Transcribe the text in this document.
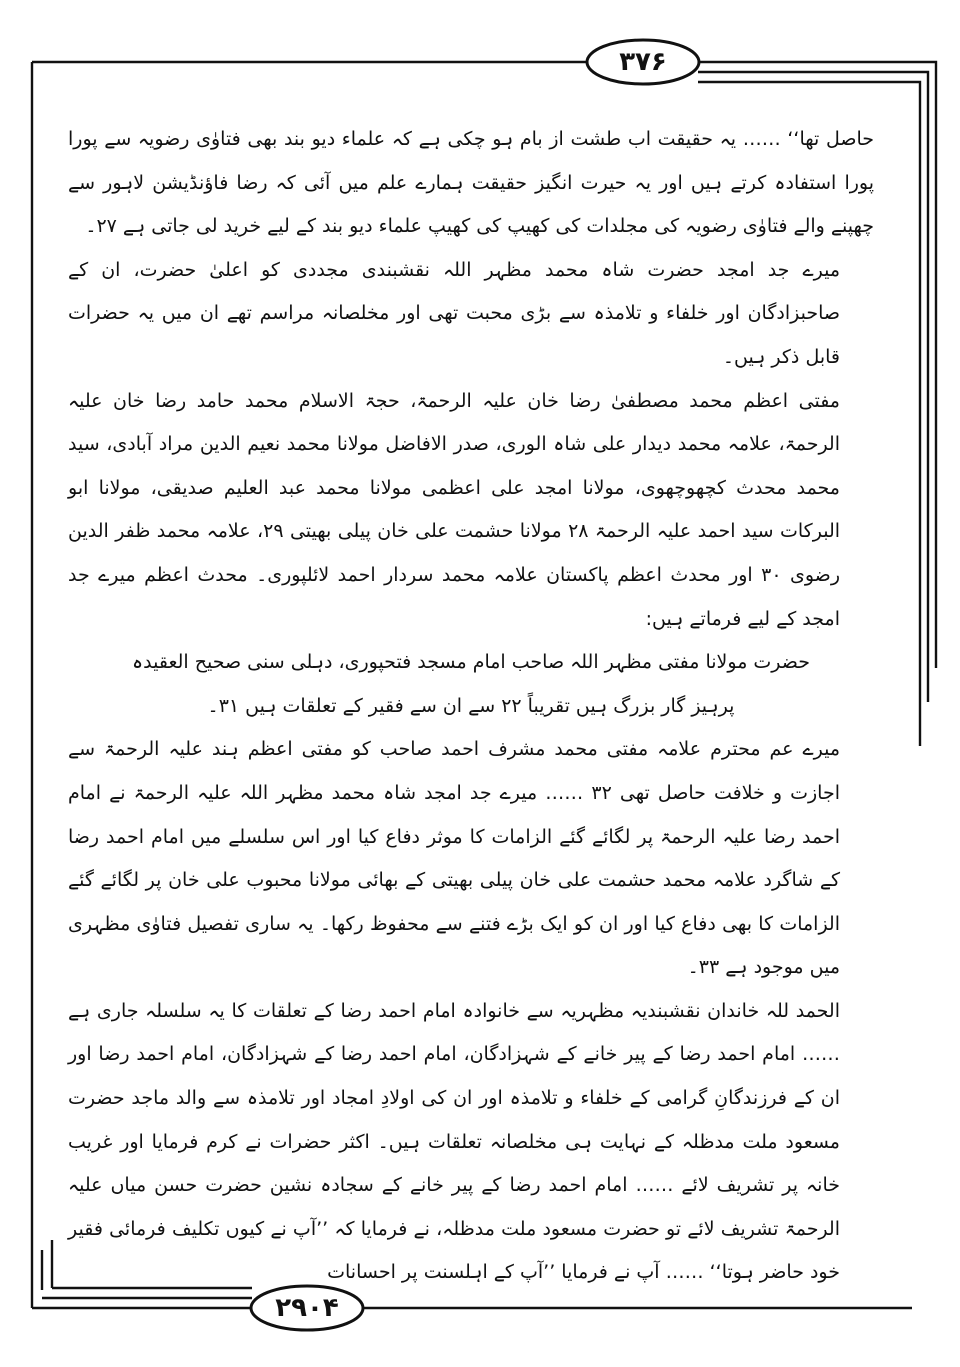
۳۷۶
۲۹۰۴

حاصل تھا‘‘ …… یہ حقیقت اب طشت از بام ہو چکی ہے کہ علماء دیو بند بھی فتاوٰی رضویہ سے پورا پورا استفادہ کرتے ہیں اور یہ حیرت انگیز حقیقت ہمارے علم میں آئی کہ رضا فاؤنڈیشن لاہور سے چھپنے والے فتاوٰی رضویہ کی مجلدات کی کھیپ کی کھیپ علماء دیو بند کے لیے خرید لی جاتی ہے ۲۷۔

میرے جد امجد حضرت شاہ محمد مظہر اللہ نقشبندی مجددی کو اعلیٰ حضرت، ان کے صاحبزادگان اور خلفاء و تلامذہ سے بڑی محبت تھی اور مخلصانہ مراسم تھے ان میں یہ حضرات قابل ذکر ہیں۔

مفتی اعظم محمد مصطفیٰ رضا خان علیہ الرحمۃ، حجۃ الاسلام محمد حامد رضا خان علیہ الرحمۃ، علامہ محمد دیدار علی شاہ الوری، صدر الافاضل مولانا محمد نعیم الدین مراد آبادی، سید محمد محدث کچھوچھوی، مولانا امجد علی اعظمی مولانا محمد عبد العلیم صدیقی، مولانا ابو البرکات سید احمد علیہ الرحمۃ ۲۸ مولانا حشمت علی خان پیلی بھیتی ۲۹، علامہ محمد ظفر الدین رضوی ۳۰ اور محدث اعظم پاکستان علامہ محمد سردار احمد لائلپوری۔ محدث اعظم میرے جد امجد کے لیے فرماتے ہیں:

حضرت مولانا مفتی مظہر اللہ صاحب امام مسجد فتحپوری، دہلی سنی صحیح العقیدہ

پرہیز گار بزرگ ہیں تقریباً ۲۲ سے ان سے فقیر کے تعلقات ہیں ۳۱۔

میرے عم محترم علامہ مفتی محمد مشرف احمد صاحب کو مفتی اعظم ہند علیہ الرحمۃ سے اجازت و خلافت حاصل تھی ۳۲ …… میرے جد امجد شاہ محمد مظہر اللہ علیہ الرحمۃ نے امام احمد رضا علیہ الرحمۃ پر لگائے گئے الزامات کا موثر دفاع کیا اور اس سلسلے میں امام احمد رضا کے شاگرد علامہ محمد حشمت علی خان پیلی بھیتی کے بھائی مولانا محبوب علی خان پر لگائے گئے الزامات کا بھی دفاع کیا اور ان کو ایک بڑے فتنے سے محفوظ رکھا۔ یہ ساری تفصیل فتاوٰی مظہری میں موجود ہے ۳۳۔

الحمد للہ خاندان نقشبندیہ مظہریہ سے خانوادہ امام احمد رضا کے تعلقات کا یہ سلسلہ جاری ہے …… امام احمد رضا کے پیر خانے کے شہزادگان، امام احمد رضا کے شہزادگان، امام احمد رضا اور ان کے فرزندگانِ گرامی کے خلفاء و تلامذہ اور ان کی اولادِ امجاد اور تلامذہ سے والد ماجد حضرت مسعود ملت مدظلہ کے نہایت ہی مخلصانہ تعلقات ہیں۔ اکثر حضرات نے کرم فرمایا اور غریب خانہ پر تشریف لائے …… امام احمد رضا کے پیر خانے کے سجادہ نشین حضرت حسن میاں علیہ الرحمۃ تشریف لائے تو حضرت مسعود ملت مدظلہ، نے فرمایا کہ ’’آپ نے کیوں تکلیف فرمائی فقیر خود حاضر ہوتا‘‘ …… آپ نے فرمایا ’’آپ کے اہلسنت پر احسانات
